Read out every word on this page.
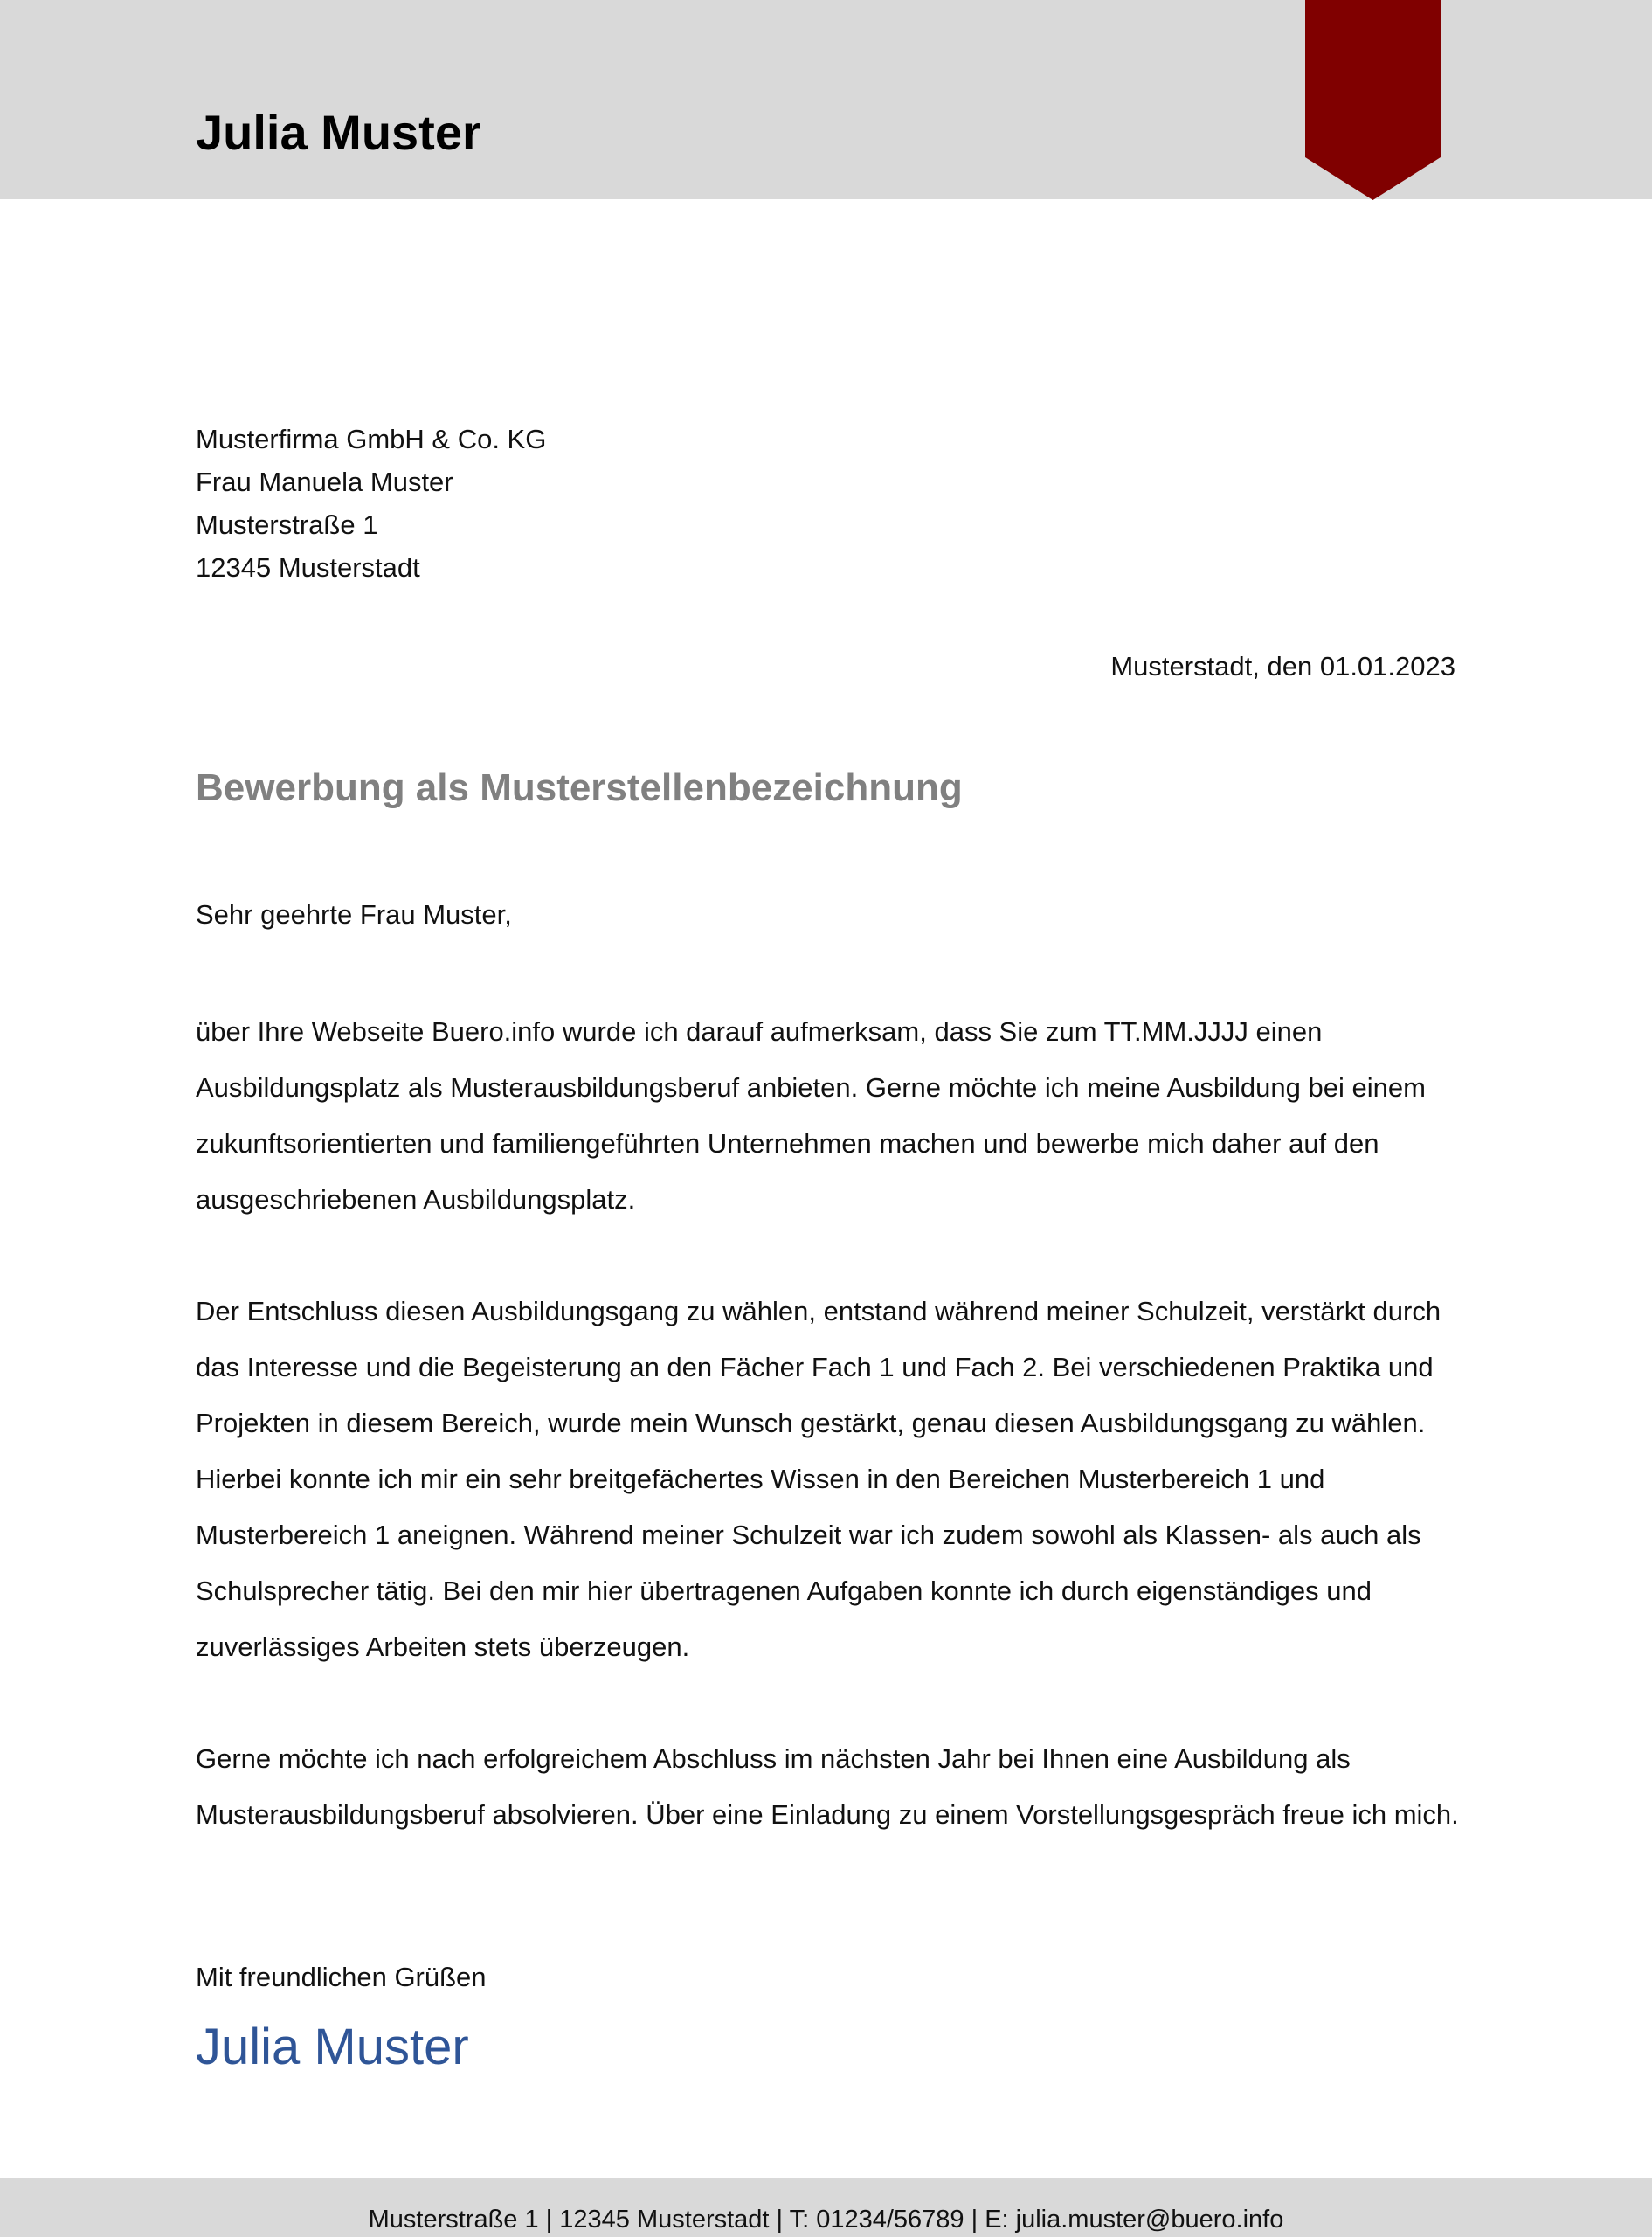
Julia Muster
Musterfirma GmbH & Co. KG
Frau Manuela Muster
Musterstraße 1
12345 Musterstadt
Musterstadt, den 01.01.2023
Bewerbung als Musterstellenbezeichnung
Sehr geehrte Frau Muster,

über Ihre Webseite Buero.info wurde ich darauf aufmerksam, dass Sie zum TT.MM.JJJJ einen Ausbildungsplatz als Musterausbildungsberuf anbieten. Gerne möchte ich meine Ausbildung bei einem zukunftsorientierten und familiengeführten Unternehmen machen und bewerbe mich daher auf den ausgeschriebenen Ausbildungsplatz.

Der Entschluss diesen Ausbildungsgang zu wählen, entstand während meiner Schulzeit, verstärkt durch das Interesse und die Begeisterung an den Fächer Fach 1 und Fach 2. Bei verschiedenen Praktika und Projekten in diesem Bereich, wurde mein Wunsch gestärkt, genau diesen Ausbildungsgang zu wählen. Hierbei konnte ich mir ein sehr breitgefächertes Wissen in den Bereichen Musterbereich 1 und Musterbereich 1 aneignen. Während meiner Schulzeit war ich zudem sowohl als Klassen- als auch als Schulsprecher tätig. Bei den mir hier übertragenen Aufgaben konnte ich durch eigenständiges und zuverlässiges Arbeiten stets überzeugen.

Gerne möchte ich nach erfolgreichem Abschluss im nächsten Jahr bei Ihnen eine Ausbildung als Musterausbildungsberuf absolvieren. Über eine Einladung zu einem Vorstellungsgespräch freue ich mich.

Mit freundlichen Grüßen
Julia Muster
Musterstraße 1 | 12345 Musterstadt | T: 01234/56789 | E: julia.muster@buero.info
